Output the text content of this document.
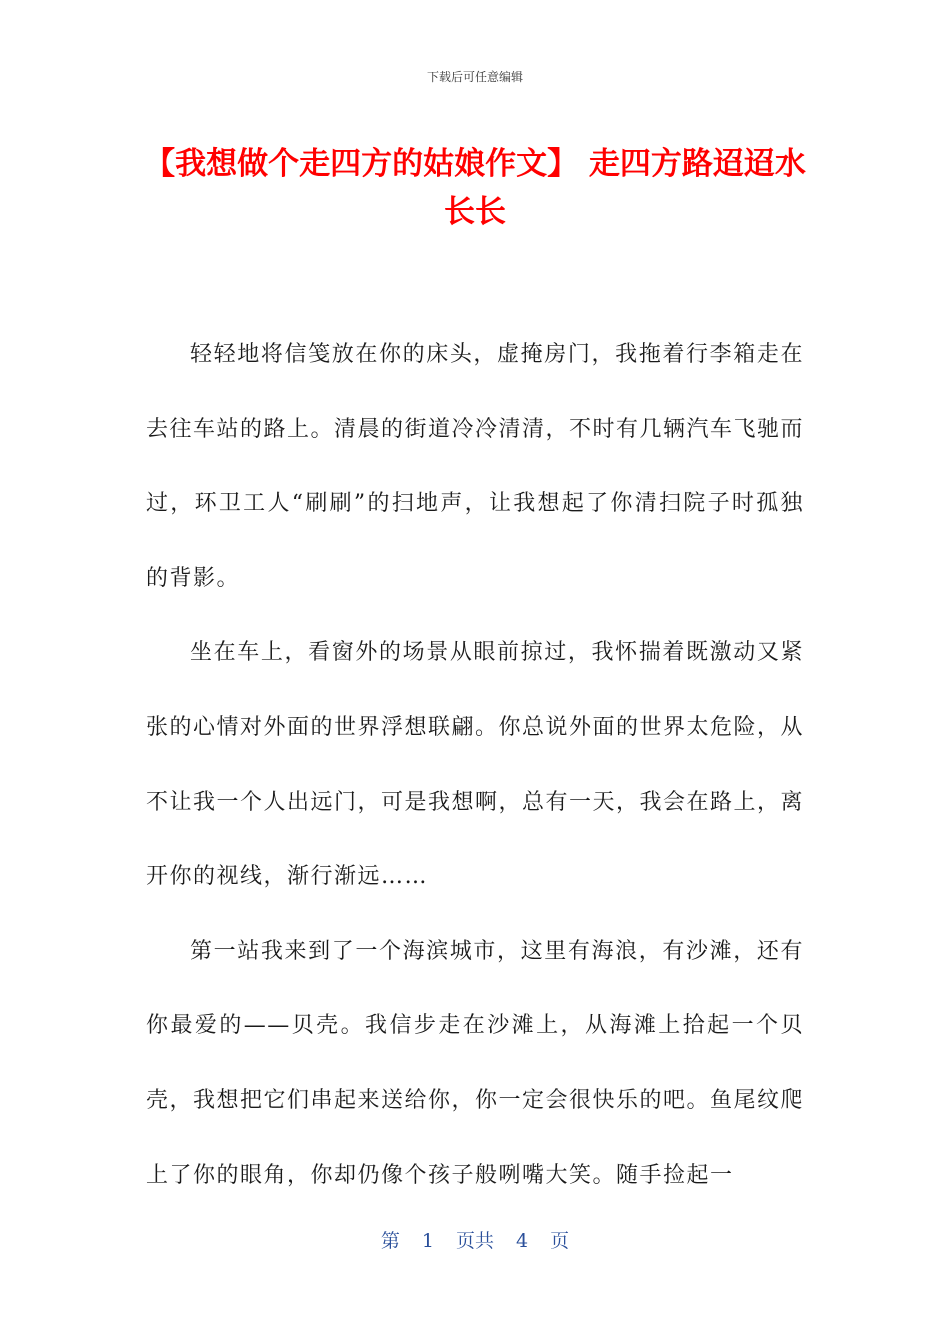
下载后可任意编辑
【我想做个走四方的姑娘作文】 走四方路迢迢水长长

轻轻地将信笺放在你的床头，虚掩房门，我拖着行李箱走在去往车站的路上。清晨的街道冷冷清清，不时有几辆汽车飞驰而过，环卫工人“刷刷”的扫地声，让我想起了你清扫院子时孤独的背影。

坐在车上，看窗外的场景从眼前掠过，我怀揣着既激动又紧张的心情对外面的世界浮想联翩。你总说外面的世界太危险，从不让我一个人出远门，可是我想啊，总有一天，我会在路上，离开你的视线，渐行渐远……

第一站我来到了一个海滨城市，这里有海浪，有沙滩，还有你最爱的——贝壳。我信步走在沙滩上，从海滩上拾起一个贝壳，我想把它们串起来送给你，你一定会很快乐的吧。鱼尾纹爬上了你的眼角，你却仍像个孩子般咧嘴大笑。随手捡起一

第 1 页共 4 页
